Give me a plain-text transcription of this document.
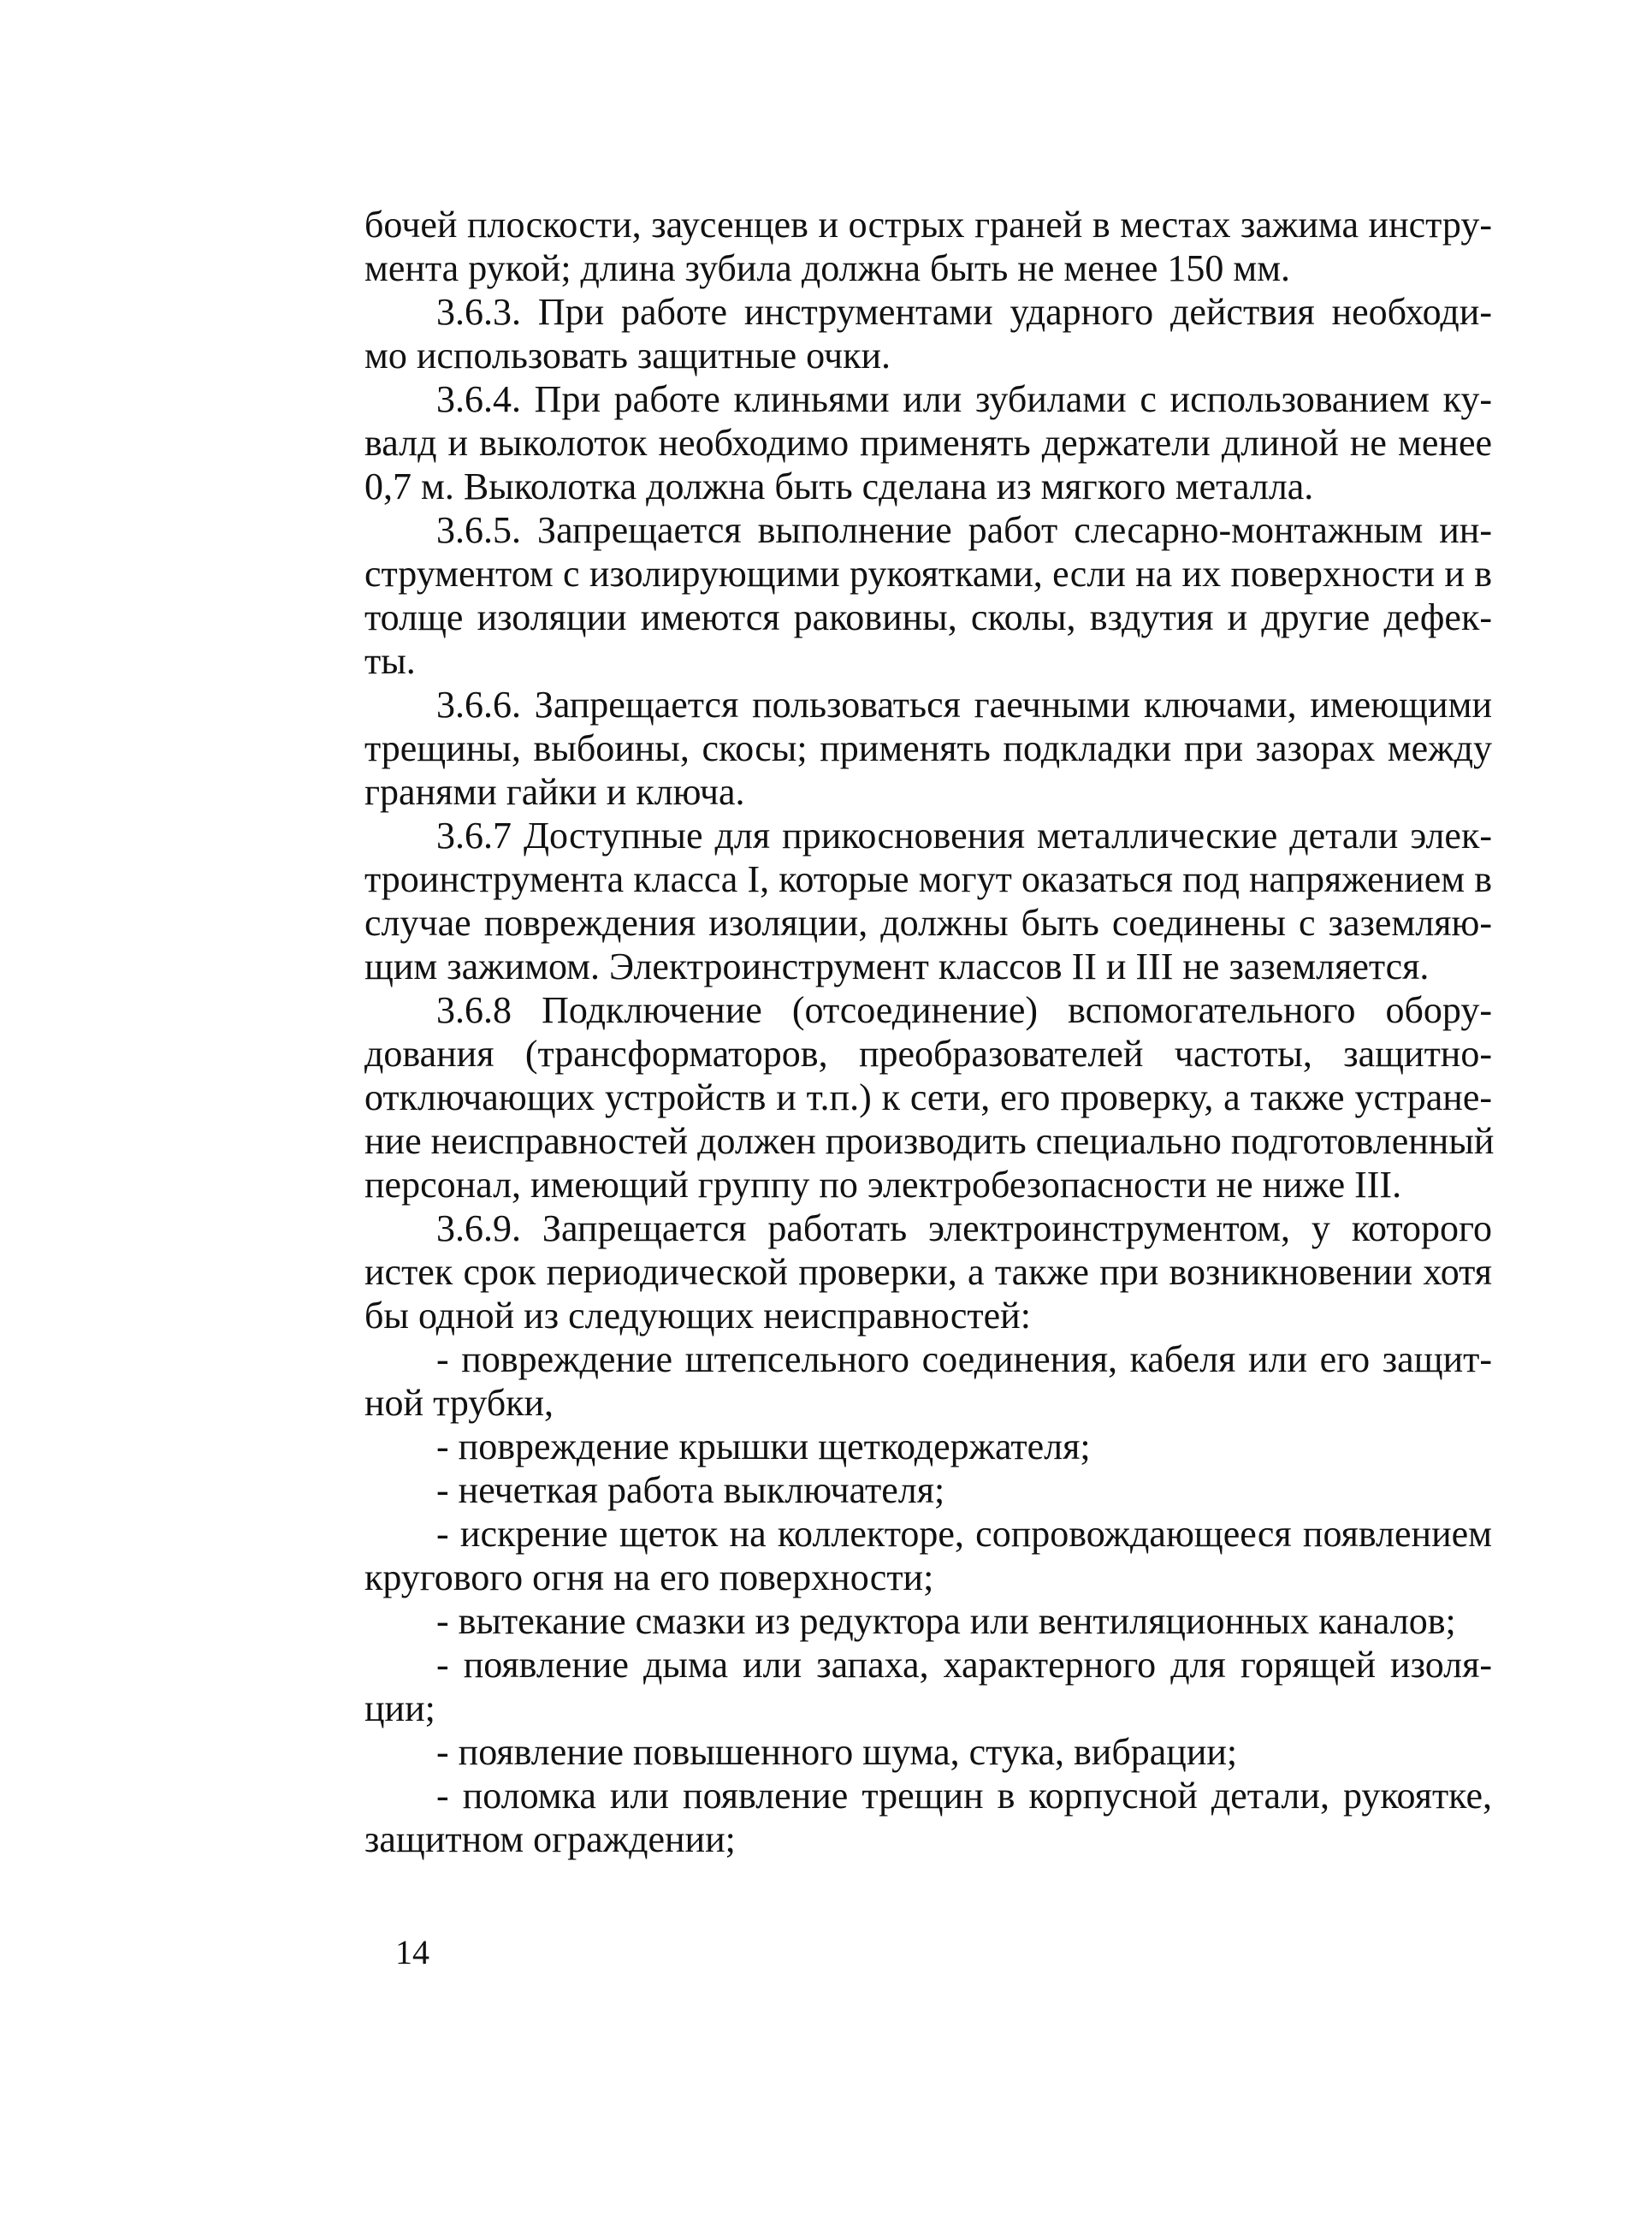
бочей плоскости, заусенцев и острых граней в местах зажима инстру-
мента рукой; длина зубила должна быть не менее 150 мм.
3.6.3. При работе инструментами ударного действия необходи-
мо использовать защитные очки.
3.6.4. При работе клиньями или зубилами с использованием ку-
валд и выколоток необходимо применять держатели длиной не менее
0,7 м. Выколотка должна быть сделана из мягкого металла.
3.6.5. Запрещается выполнение работ слесарно-монтажным ин-
струментом с изолирующими рукоятками, если на их поверхности и в
толще изоляции имеются раковины, сколы, вздутия и другие дефек-
ты.
3.6.6. Запрещается пользоваться гаечными ключами, имеющими
трещины, выбоины, скосы; применять подкладки при зазорах между
гранями гайки и ключа.
3.6.7 Доступные для прикосновения металлические детали элек-
троинструмента класса I, которые могут оказаться под напряжением в
случае повреждения изоляции, должны быть соединены с заземляю-
щим зажимом. Электроинструмент классов II и III не заземляется.
3.6.8 Подключение (отсоединение) вспомогательного обору-
дования (трансформаторов, преобразователей частоты, защитно-
отключающих устройств и т.п.) к сети, его проверку, а также устране-
ние неисправностей должен производить специально подготовленный
персонал, имеющий группу по электробезопасности не ниже III.
3.6.9. Запрещается работать электроинструментом, у которого
истек срок периодической проверки, а также при возникновении хотя
бы одной из следующих неисправностей:
- повреждение штепсельного соединения, кабеля или его защит-
ной трубки,
- повреждение крышки щеткодержателя;
- нечеткая работа выключателя;
- искрение щеток на коллекторе, сопровождающееся появлением
кругового огня на его поверхности;
- вытекание смазки из редуктора или вентиляционных каналов;
- появление дыма или запаха, характерного для горящей изоля-
ции;
- появление повышенного шума, стука, вибрации;
- поломка или появление трещин в корпусной детали, рукоятке,
защитном ограждении;
14
